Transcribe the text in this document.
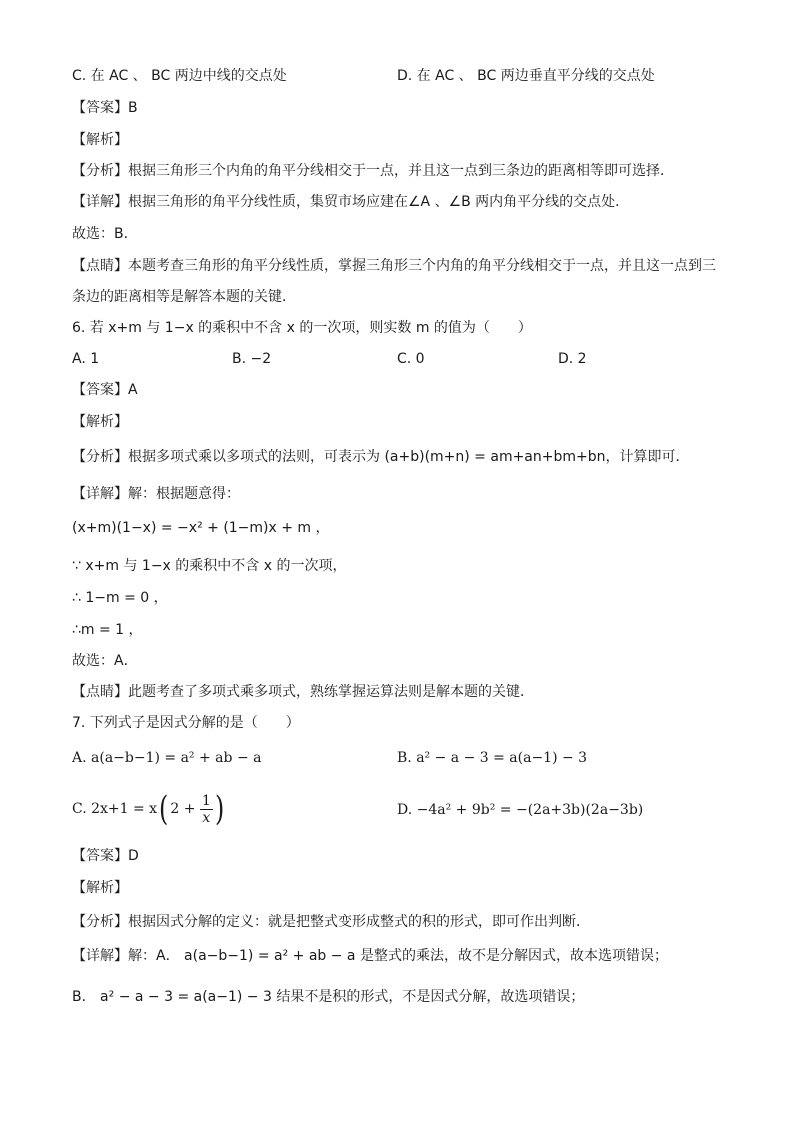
C. 在 AC 、 BC 两边中线的交点处	D. 在 AC 、 BC 两边垂直平分线的交点处
【答案】B
【解析】
【分析】根据三角形三个内角的角平分线相交于一点，并且这一点到三条边的距离相等即可选择．
【详解】根据三角形的角平分线性质，集贸市场应建在∠A 、∠B 两内角平分线的交点处．
故选：B．
【点睛】本题考查三角形的角平分线性质，掌握三角形三个内角的角平分线相交于一点，并且这一点到三
条边的距离相等是解答本题的关键．
6. 若 x+m 与 1−x 的乘积中不含 x 的一次项，则实数 m 的值为（　　）
A. 1	B. −2	C. 0	D. 2
【答案】A
【解析】
【分析】根据多项式乘以多项式的法则，可表示为 (a+b)(m+n) = am+an+bm+bn，计算即可．
【详解】解：根据题意得：
(x+m)(1−x) = −x² + (1−m)x + m ，
∵ x+m 与 1−x 的乘积中不含 x 的一次项，
∴ 1−m = 0 ，
∴m = 1 ，
故选：A．
【点睛】此题考查了多项式乘多项式，熟练掌握运算法则是解本题的关键．
7. 下列式子是因式分解的是（　　）
A. a(a−b−1) = a² + ab − a	B. a² − a − 3 = a(a−1) − 3
C. 2x+1 = x( $2 + \frac{1}{x}$ )	D. −4a² + 9b² = −(2a+3b)(2a−3b)
【答案】D
【解析】
【分析】根据因式分解的定义：就是把整式变形成整式的积的形式，即可作出判断．
【详解】解：A． a(a−b−1) = a² + ab − a 是整式的乘法，故不是分解因式，故本选项错误；
B． a² − a − 3 = a(a−1) − 3 结果不是积的形式，不是因式分解，故选项错误；
